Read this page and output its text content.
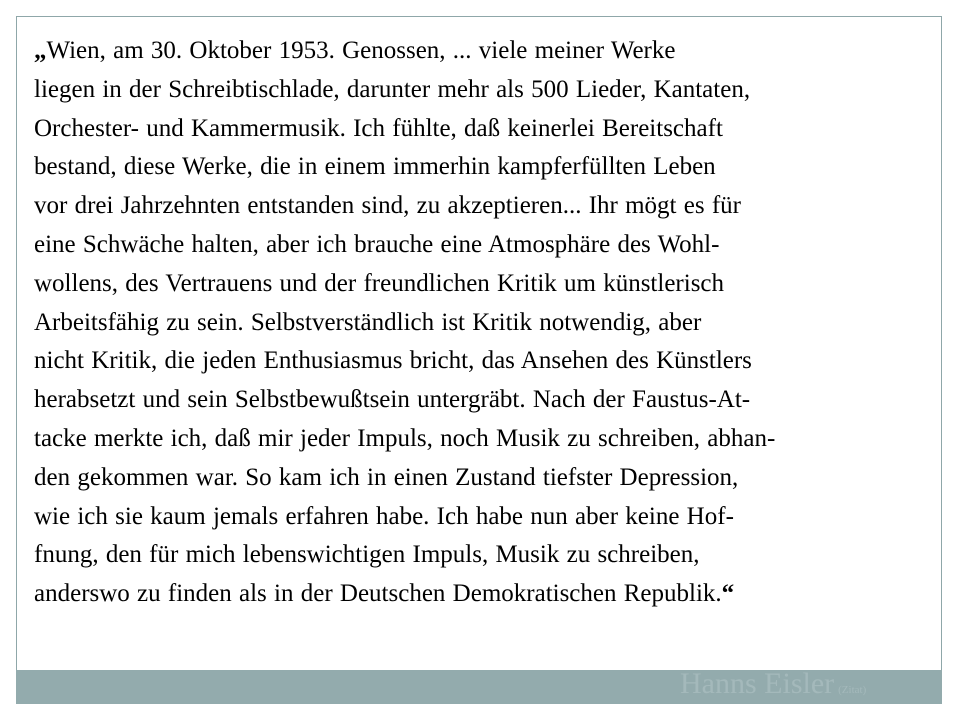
„Wien, am 30. Oktober 1953. Genossen, ... viele meiner Werke
liegen in der Schreibtischlade, darunter mehr als 500 Lieder, Kantaten,
Orchester- und Kammermusik. Ich fühlte, daß keinerlei Bereitschaft
bestand, diese Werke, die in einem immerhin kampferfüllten Leben
vor drei Jahrzehnten entstanden sind, zu akzeptieren... Ihr mögt es für
eine Schwäche halten, aber ich brauche eine Atmosphäre des Wohl-
wollens, des Vertrauens und der freundlichen Kritik um künstlerisch
Arbeitsfähig zu sein. Selbstverständlich ist Kritik notwendig, aber
nicht Kritik, die jeden Enthusiasmus bricht, das Ansehen des Künstlers
herabsetzt und sein Selbstbewußtsein untergräbt. Nach der Faustus-At-
tacke merkte ich, daß mir jeder Impuls, noch Musik zu schreiben, abhan-
den gekommen war. So kam ich in einen Zustand tiefster Depression,
wie ich sie kaum jemals erfahren habe. Ich habe nun aber keine Hof-
fnung, den für mich lebenswichtigen Impuls, Musik zu schreiben,
anderswo zu finden als in der Deutschen Demokratischen Republik.“
Hanns Eisler (Zitat)
